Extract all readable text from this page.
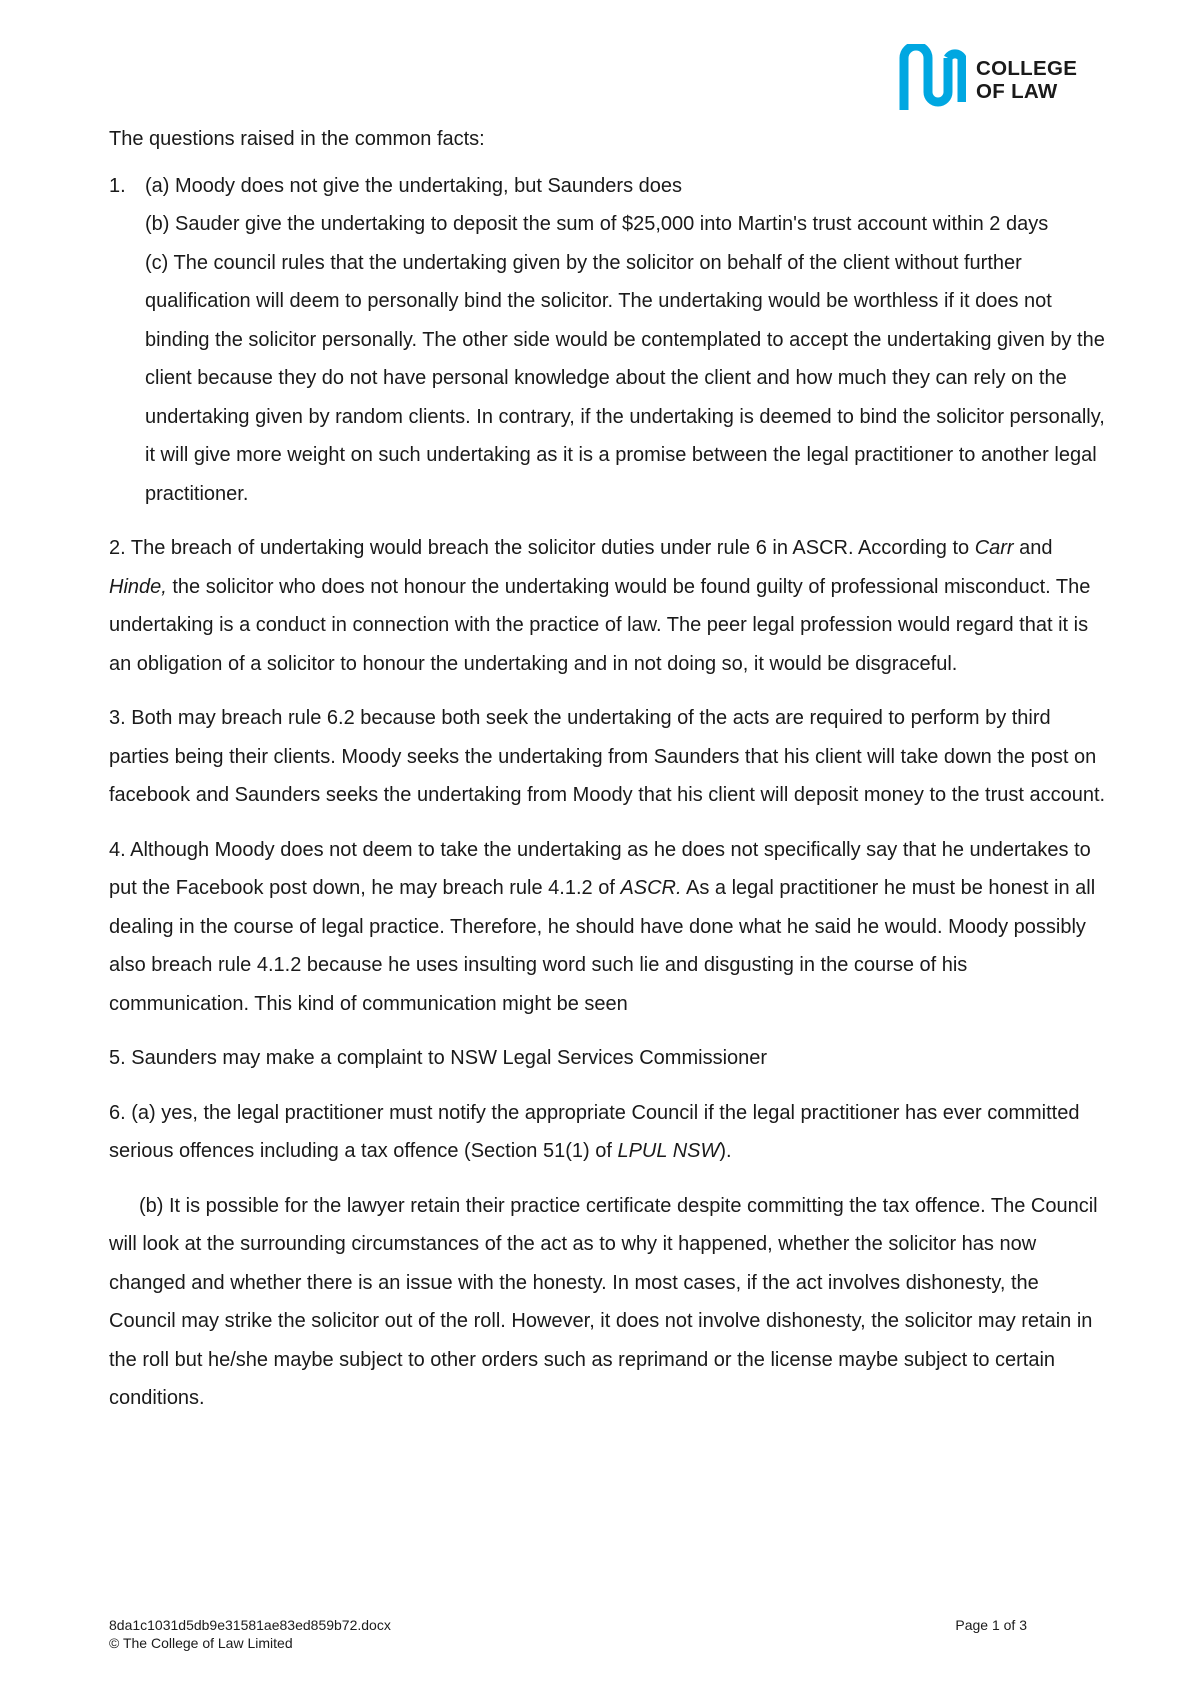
COLLEGE
OF LAW

The questions raised in the common facts:

1. (a) Moody does not give the undertaking, but Saunders does
(b) Sauder give the undertaking to deposit the sum of $25,000 into Martin's trust account within 2 days
(c) The council rules that the undertaking given by the solicitor on behalf of the client without further qualification will deem to personally bind the solicitor. The undertaking would be worthless if it does not binding the solicitor personally. The other side would be contemplated to accept the undertaking given by the client because they do not have personal knowledge about the client and how much they can rely on the undertaking given by random clients. In contrary, if the undertaking is deemed to bind the solicitor personally, it will give more weight on such undertaking as it is a promise between the legal practitioner to another legal practitioner.

2. The breach of undertaking would breach the solicitor duties under rule 6 in ASCR. According to Carr and Hinde, the solicitor who does not honour the undertaking would be found guilty of professional misconduct. The undertaking is a conduct in connection with the practice of law. The peer legal profession would regard that it is an obligation of a solicitor to honour the undertaking and in not doing so, it would be disgraceful.

3. Both may breach rule 6.2 because both seek the undertaking of the acts are required to perform by third parties being their clients. Moody seeks the undertaking from Saunders that his client will take down the post on facebook and Saunders seeks the undertaking from Moody that his client will deposit money to the trust account.

4. Although Moody does not deem to take the undertaking as he does not specifically say that he undertakes to put the Facebook post down, he may breach rule 4.1.2 of ASCR. As a legal practitioner he must be honest in all dealing in the course of legal practice. Therefore, he should have done what he said he would. Moody possibly also breach rule 4.1.2 because he uses insulting word such lie and disgusting in the course of his communication. This kind of communication might be seen

5. Saunders may make a complaint to NSW Legal Services Commissioner

6. (a) yes, the legal practitioner must notify the appropriate Council if the legal practitioner has ever committed serious offences including a tax offence (Section 51(1) of LPUL NSW).

(b) It is possible for the lawyer retain their practice certificate despite committing the tax offence. The Council will look at the surrounding circumstances of the act as to why it happened, whether the solicitor has now changed and whether there is an issue with the honesty. In most cases, if the act involves dishonesty, the Council may strike the solicitor out of the roll. However, it does not involve dishonesty, the solicitor may retain in the roll but he/she maybe subject to other orders such as reprimand or the license maybe subject to certain conditions.

8da1c1031d5db9e31581ae83ed859b72.docx	Page 1 of 3
© The College of Law Limited
